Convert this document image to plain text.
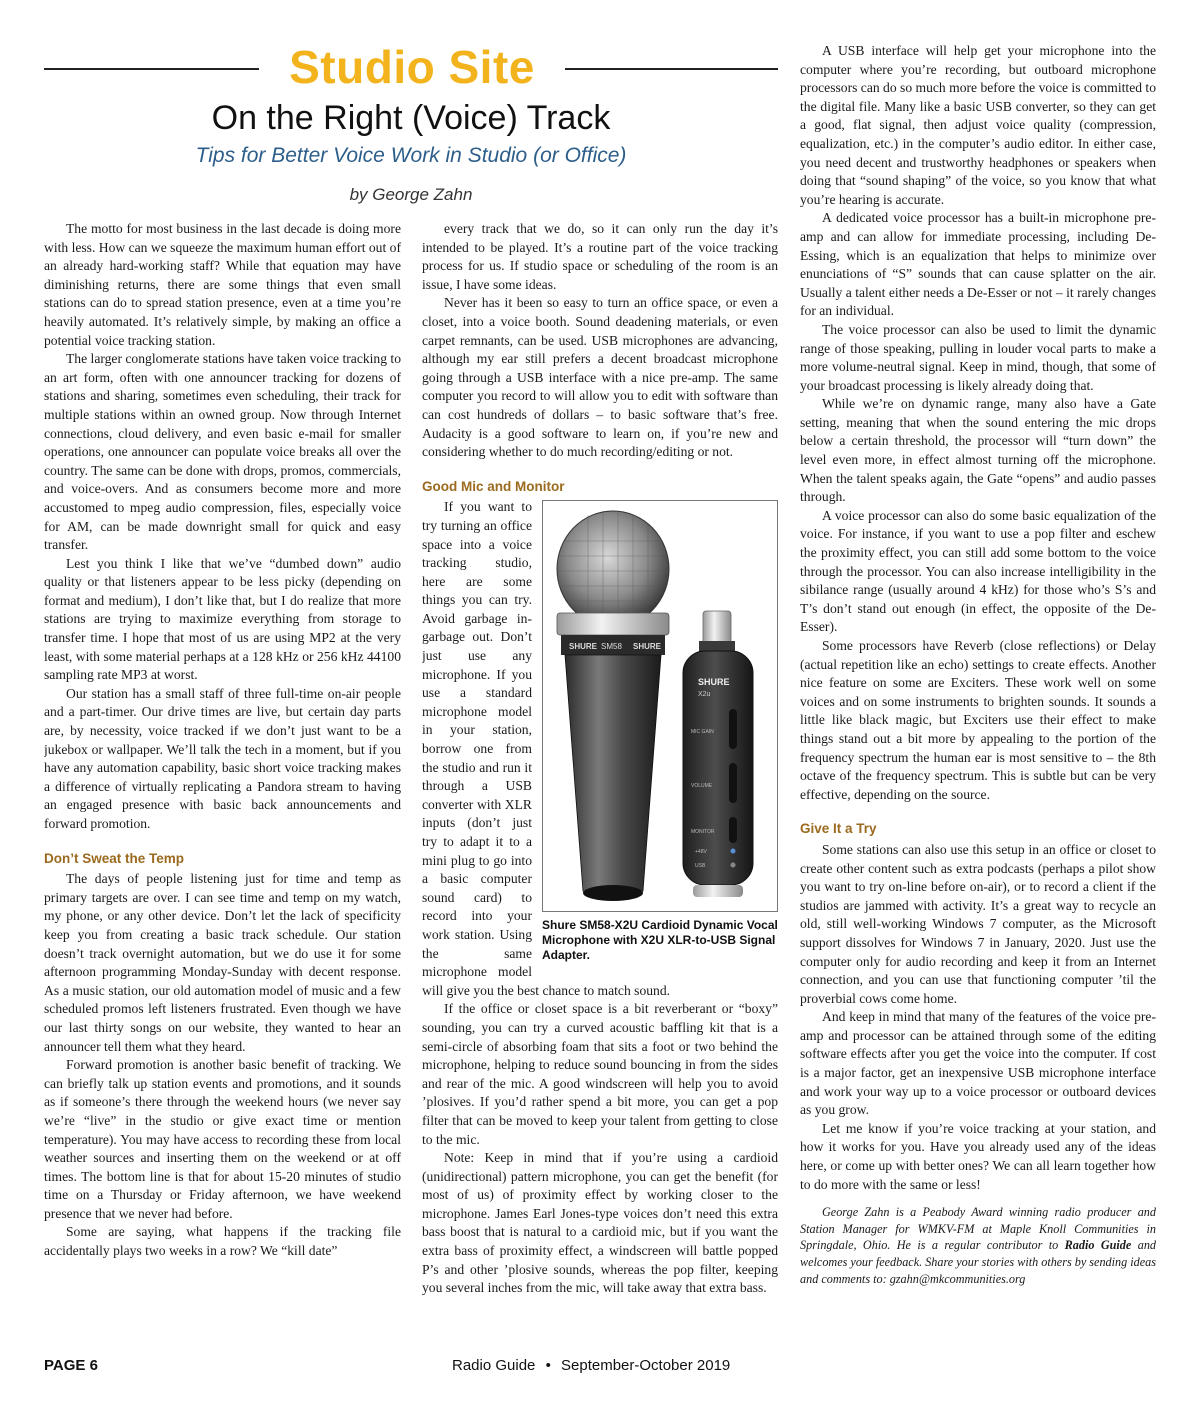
Studio Site
On the Right (Voice) Track
Tips for Better Voice Work in Studio (or Office)
by George Zahn

The motto for most business in the last decade is doing more with less. How can we squeeze the maximum human effort out of an already hard-working staff? While that equation may have diminishing returns, there are some things that even small stations can do to spread station presence, even at a time you’re heavily automated. It’s relatively simple, by making an office a potential voice tracking station.

The larger conglomerate stations have taken voice tracking to an art form, often with one announcer tracking for dozens of stations and sharing, sometimes even scheduling, their track for multiple stations within an owned group. Now through Internet connections, cloud delivery, and even basic e-mail for smaller operations, one announcer can populate voice breaks all over the country. The same can be done with drops, promos, commercials, and voice-overs. And as consumers become more and more accustomed to mpeg audio compression, files, especially voice for AM, can be made downright small for quick and easy transfer.

Lest you think I like that we’ve “dumbed down” audio quality or that listeners appear to be less picky (depending on format and medium), I don’t like that, but I do realize that more stations are trying to maximize everything from storage to transfer time. I hope that most of us are using MP2 at the very least, with some material perhaps at a 128 kHz or 256 kHz 44100 sampling rate MP3 at worst.

Our station has a small staff of three full-time on-air people and a part-timer. Our drive times are live, but certain day parts are, by necessity, voice tracked if we don’t just want to be a jukebox or wallpaper. We’ll talk the tech in a moment, but if you have any automation capability, basic short voice tracking makes a difference of virtually replicating a Pandora stream to having an engaged presence with basic back announcements and forward promotion.

Don’t Sweat the Temp

The days of people listening just for time and temp as primary targets are over. I can see time and temp on my watch, my phone, or any other device. Don’t let the lack of specificity keep you from creating a basic track schedule. Our station doesn’t track overnight automation, but we do use it for some afternoon programming Monday-Sunday with decent response. As a music station, our old automation model of music and a few scheduled promos left listeners frustrated. Even though we have our last thirty songs on our website, they wanted to hear an announcer tell them what they heard.

Forward promotion is another basic benefit of tracking. We can briefly talk up station events and promotions, and it sounds as if someone’s there through the weekend hours (we never say we’re “live” in the studio or give exact time or mention temperature). You may have access to recording these from local weather sources and inserting them on the weekend or at off times. The bottom line is that for about 15-20 minutes of studio time on a Thursday or Friday afternoon, we have weekend presence that we never had before.

Some are saying, what happens if the tracking file accidentally plays two weeks in a row? We “kill date”

every track that we do, so it can only run the day it’s intended to be played. It’s a routine part of the voice tracking process for us. If studio space or scheduling of the room is an issue, I have some ideas.

Never has it been so easy to turn an office space, or even a closet, into a voice booth. Sound deadening materials, or even carpet remnants, can be used. USB microphones are advancing, although my ear still prefers a decent broadcast microphone going through a USB interface with a nice pre-amp. The same computer you record to will allow you to edit with software than can cost hundreds of dollars – to basic software that’s free. Audacity is a good software to learn on, if you’re new and considering whether to do much recording/editing or not.

Good Mic and Monitor

SHURE SM58 SHURE
SHURE
X2u
MIC GAIN
VOLUME
MONITOR
+48V
USB
Shure SM58-X2U Cardioid Dynamic Vocal Microphone with X2U XLR-to-USB Signal Adapter.
If you want to try turning an office space into a voice tracking studio, here are some things you can try. Avoid garbage in-garbage out. Don’t just use any microphone. If you use a standard microphone model in your station, borrow one from the studio and run it through a USB converter with XLR inputs (don’t just try to adapt it to a mini plug to go into a basic computer sound card) to record into your work station. Using the same microphone model will give you the best chance to match sound.

If the office or closet space is a bit reverberant or “boxy” sounding, you can try a curved acoustic baffling kit that is a semi-circle of absorbing foam that sits a foot or two behind the microphone, helping to reduce sound bouncing in from the sides and rear of the mic. A good windscreen will help you to avoid ’plosives. If you’d rather spend a bit more, you can get a pop filter that can be moved to keep your talent from getting to close to the mic.

Note: Keep in mind that if you’re using a cardioid (unidirectional) pattern microphone, you can get the benefit (for most of us) of proximity effect by working closer to the microphone. James Earl Jones-type voices don’t need this extra bass boost that is natural to a cardioid mic, but if you want the extra bass of proximity effect, a windscreen will battle popped P’s and other ’plosive sounds, whereas the pop filter, keeping you several inches from the mic, will take away that extra bass.

A USB interface will help get your microphone into the computer where you’re recording, but outboard microphone processors can do so much more before the voice is committed to the digital file. Many like a basic USB converter, so they can get a good, flat signal, then adjust voice quality (compression, equalization, etc.) in the computer’s audio editor. In either case, you need decent and trustworthy headphones or speakers when doing that “sound shaping” of the voice, so you know that what you’re hearing is accurate.

A dedicated voice processor has a built-in microphone pre-amp and can allow for immediate processing, including De-Essing, which is an equalization that helps to minimize over enunciations of “S” sounds that can cause splatter on the air. Usually a talent either needs a De-Esser or not – it rarely changes for an individual.

The voice processor can also be used to limit the dynamic range of those speaking, pulling in louder vocal parts to make a more volume-neutral signal. Keep in mind, though, that some of your broadcast processing is likely already doing that.

While we’re on dynamic range, many also have a Gate setting, meaning that when the sound entering the mic drops below a certain threshold, the processor will “turn down” the level even more, in effect almost turning off the microphone. When the talent speaks again, the Gate “opens” and audio passes through.

A voice processor can also do some basic equalization of the voice. For instance, if you want to use a pop filter and eschew the proximity effect, you can still add some bottom to the voice through the processor. You can also increase intelligibility in the sibilance range (usually around 4 kHz) for those who’s S’s and T’s don’t stand out enough (in effect, the opposite of the De-Esser).

Some processors have Reverb (close reflections) or Delay (actual repetition like an echo) settings to create effects. Another nice feature on some are Exciters. These work well on some voices and on some instruments to brighten sounds. It sounds a little like black magic, but Exciters use their effect to make things stand out a bit more by appealing to the portion of the frequency spectrum the human ear is most sensitive to – the 8th octave of the frequency spectrum. This is subtle but can be very effective, depending on the source.

Give It a Try

Some stations can also use this setup in an office or closet to create other content such as extra podcasts (perhaps a pilot show you want to try on-line before on-air), or to record a client if the studios are jammed with activity. It’s a great way to recycle an old, still well-working Windows 7 computer, as the Microsoft support dissolves for Windows 7 in January, 2020. Just use the computer only for audio recording and keep it from an Internet connection, and you can use that functioning computer ’til the proverbial cows come home.

And keep in mind that many of the features of the voice pre-amp and processor can be attained through some of the editing software effects after you get the voice into the computer. If cost is a major factor, get an inexpensive USB microphone interface and work your way up to a voice processor or outboard devices as you grow.

Let me know if you’re voice tracking at your station, and how it works for you. Have you already used any of the ideas here, or come up with better ones? We can all learn together how to do more with the same or less!

George Zahn is a Peabody Award winning radio producer and Station Manager for WMKV-FM at Maple Knoll Communities in Springdale, Ohio. He is a regular contributor to Radio Guide and welcomes your feedback. Share your stories with others by sending ideas and comments to: gzahn@mkcommunities.org

PAGE 6	Radio Guide • September-October 2019
